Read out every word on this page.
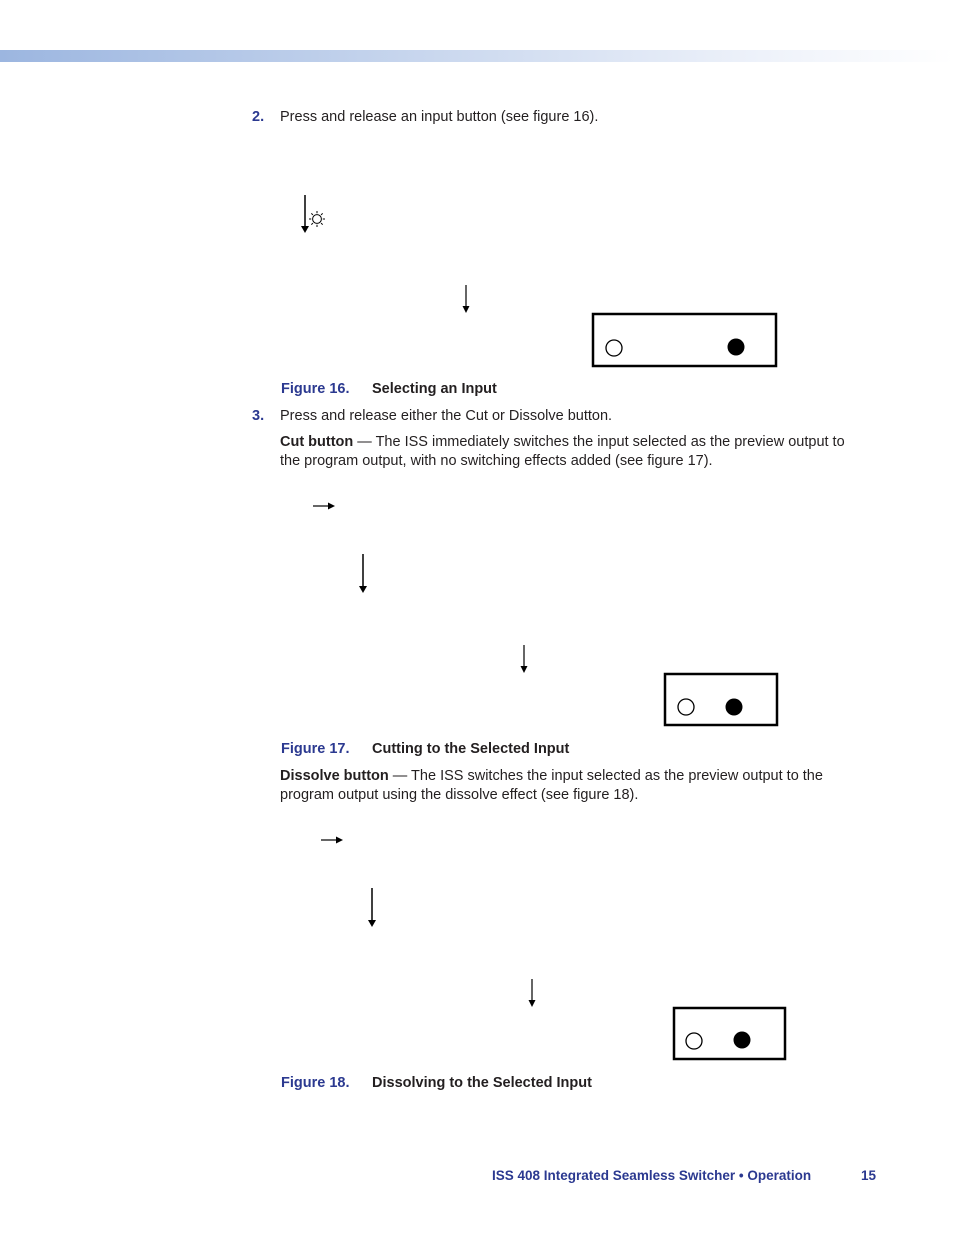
2. Press and release an input button (see figure 16).
Figure 16. Selecting an Input
3. Press and release either the Cut or Dissolve button.
Cut button — The ISS immediately switches the input selected as the preview output to the program output, with no switching effects added (see figure 17).
Figure 17. Cutting to the Selected Input
Dissolve button — The ISS switches the input selected as the preview output to the program output using the dissolve effect (see figure 18).
Figure 18. Dissolving to the Selected Input
ISS 408 Integrated Seamless Switcher • Operation	15
